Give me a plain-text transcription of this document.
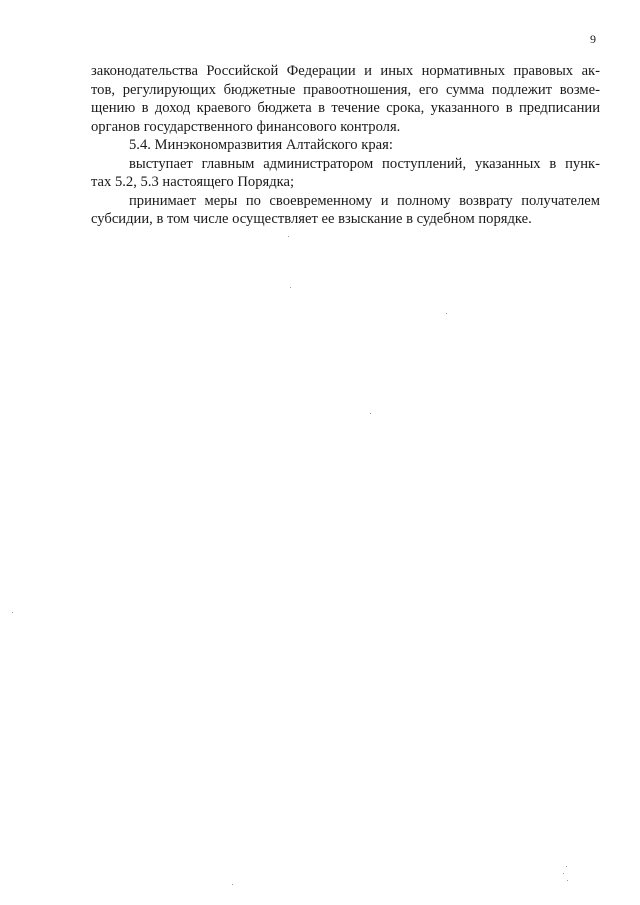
9
законодательства Российской Федерации и иных нормативных правовых ак-
тов, регулирующих бюджетные правоотношения, его сумма подлежит возме-
щению в доход краевого бюджета в течение срока, указанного в предписании
органов государственного финансового контроля.
5.4. Минэкономразвития Алтайского края:
выступает главным администратором поступлений, указанных в пунк-
тах 5.2, 5.3 настоящего Порядка;
принимает меры по своевременному и полному возврату получателем
субсидии, в том числе осуществляет ее взыскание в судебном порядке.
